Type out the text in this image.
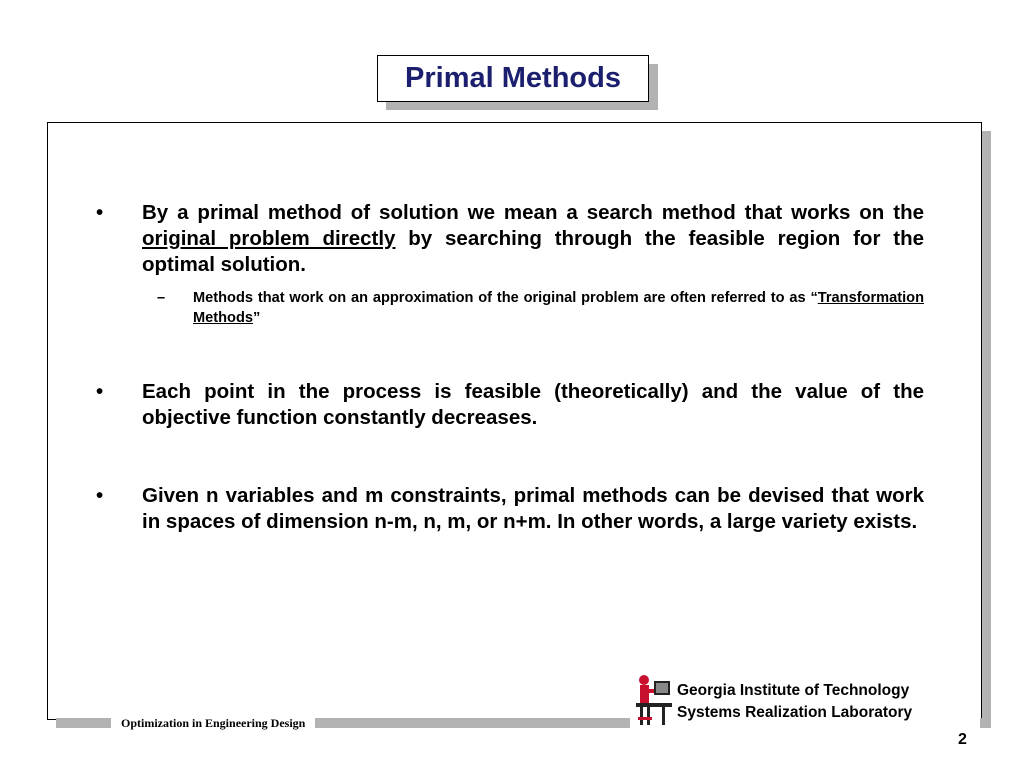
Primal Methods
•	By a primal method of solution we mean a search method that works on the original problem directly by searching through the feasible region for the optimal solution.
– Methods that work on an approximation of the original problem are often referred to as “Transformation Methods”
•	Each point in the process is feasible (theoretically) and the value of the objective function constantly decreases.
•	Given n variables and m constraints, primal methods can be devised that work in spaces of dimension n-m, n, m, or n+m. In other words, a large variety exists.
Optimization in Engineering Design
Georgia Institute of Technology
Systems Realization Laboratory
2
